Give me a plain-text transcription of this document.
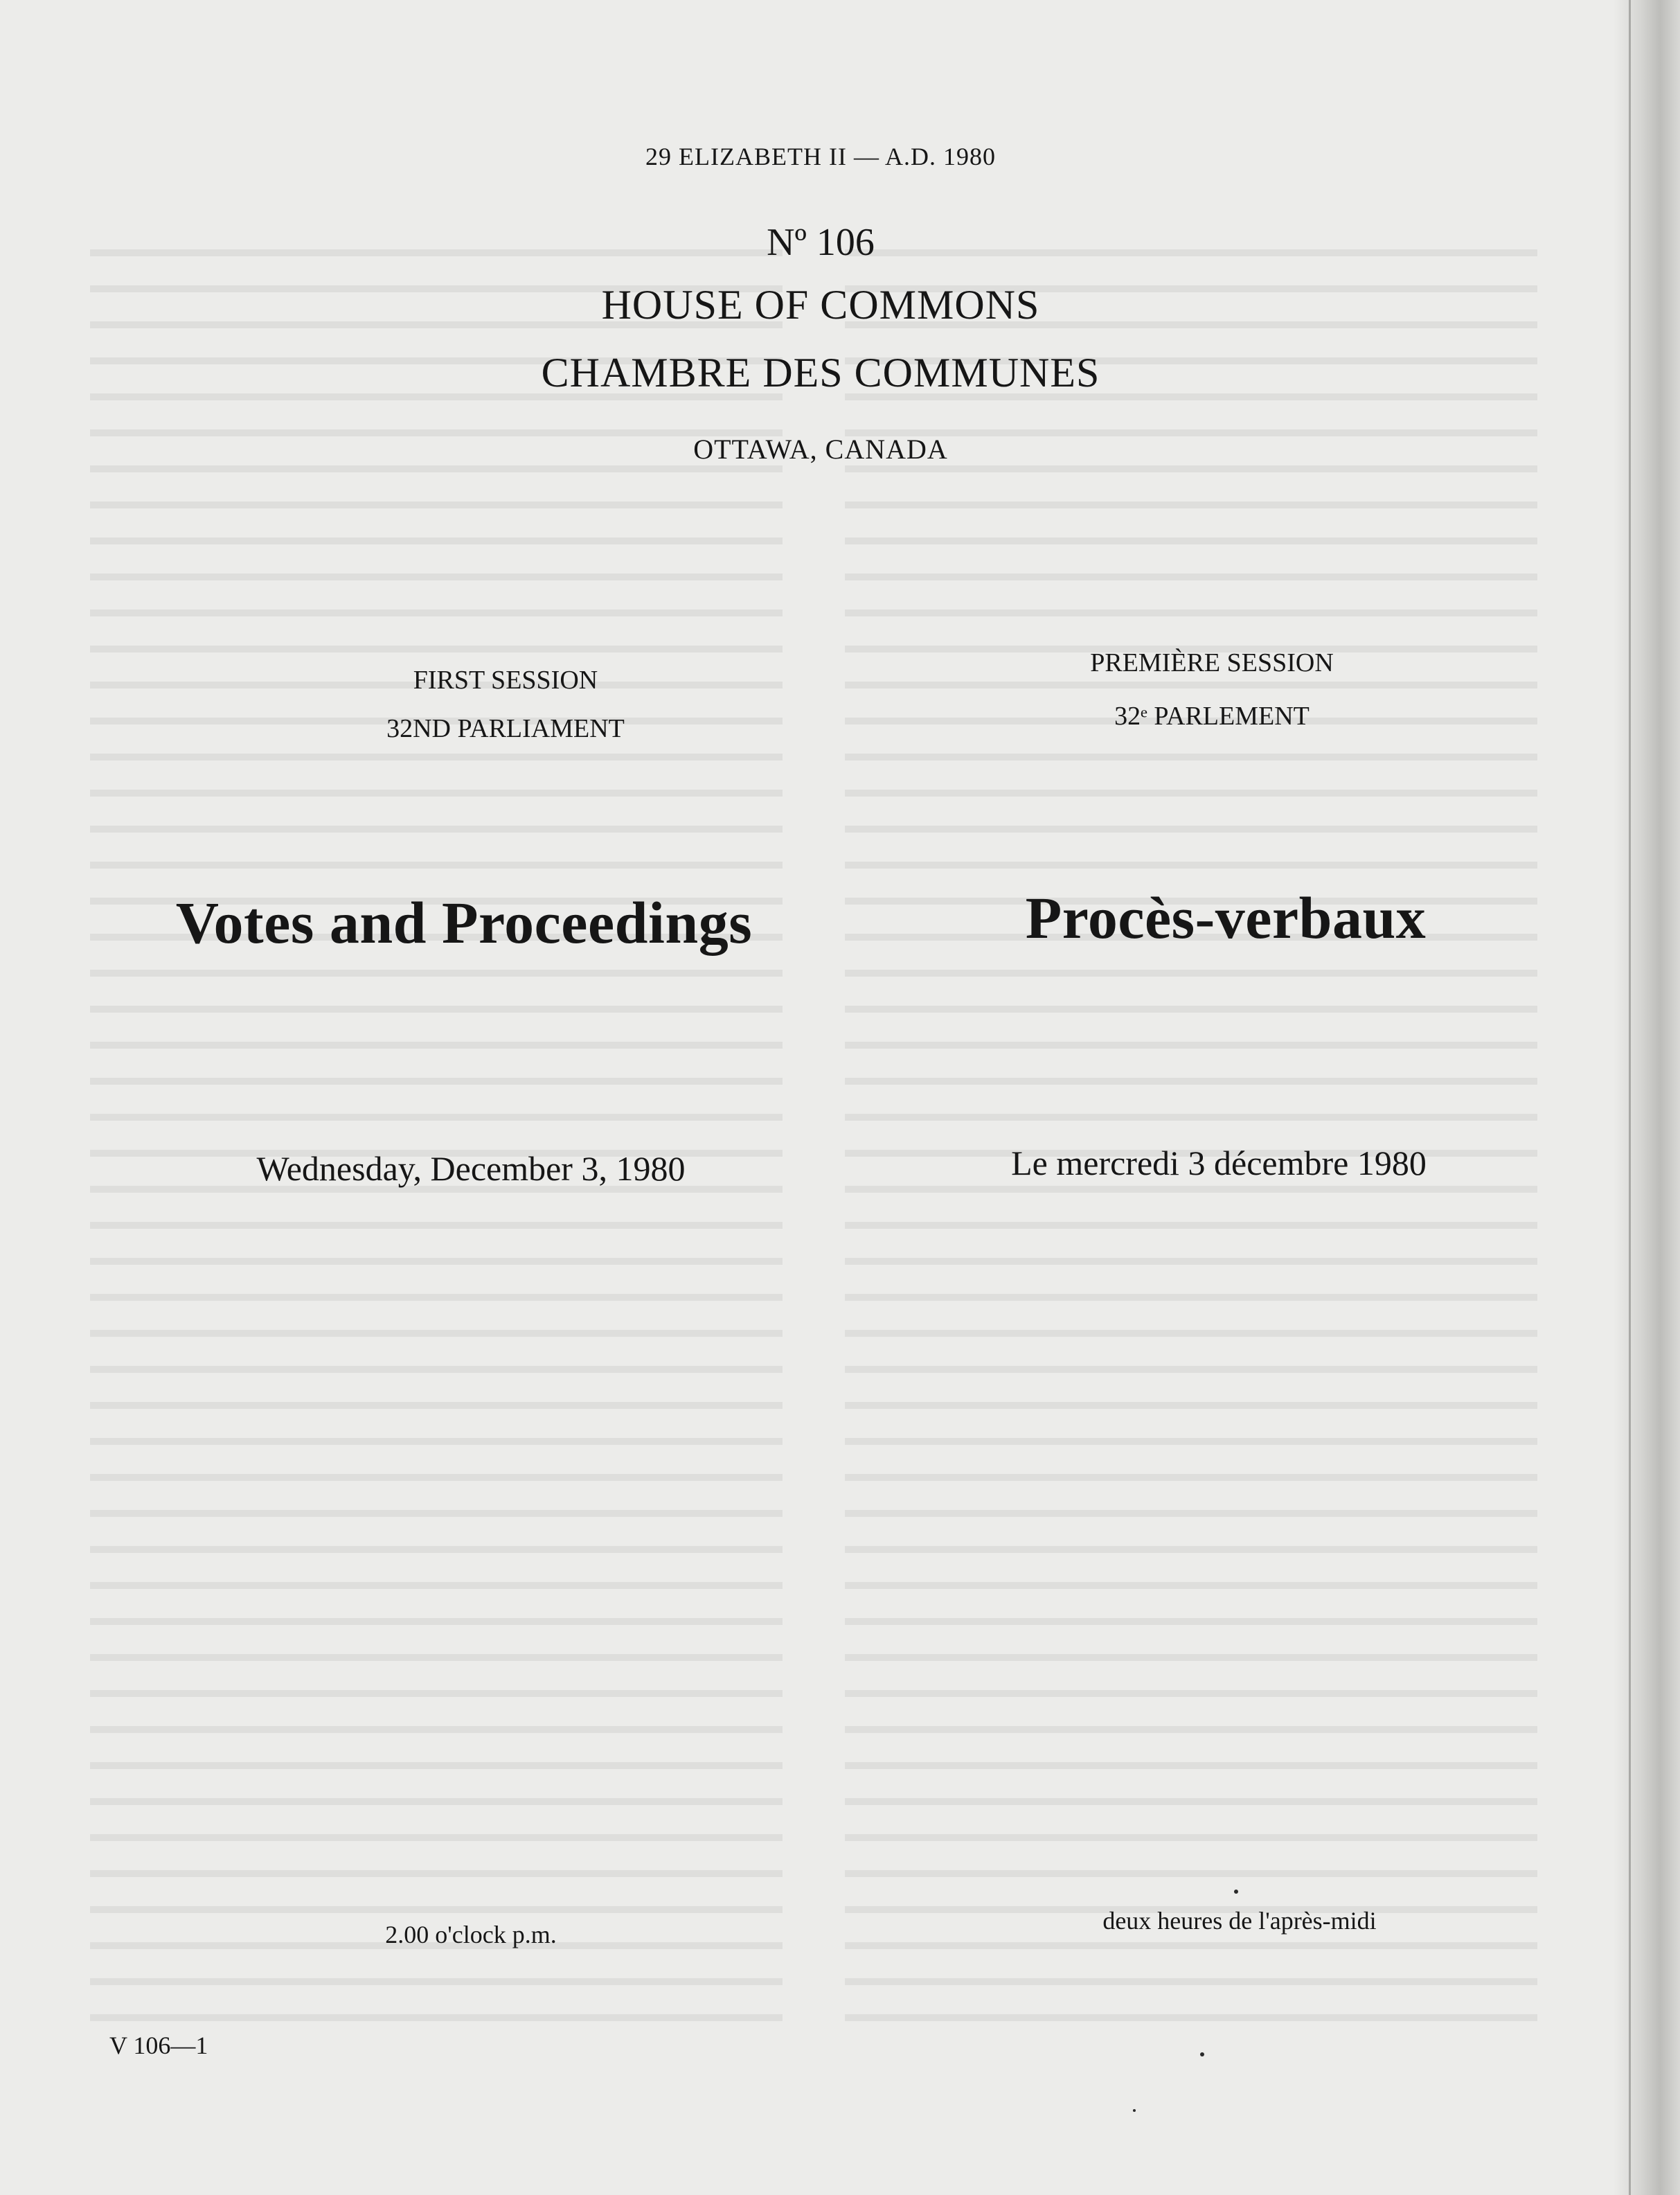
29 ELIZABETH II — A.D. 1980
Nº 106
HOUSE OF COMMONS
CHAMBRE DES COMMUNES
OTTAWA, CANADA
FIRST SESSION
32ND PARLIAMENT
PREMIÈRE SESSION
32ᵉ PARLEMENT
Votes and Proceedings	Procès-verbaux
Wednesday, December 3, 1980	Le mercredi 3 décembre 1980
2.00 o'clock p.m.	deux heures de l'après-midi
V 106—1
